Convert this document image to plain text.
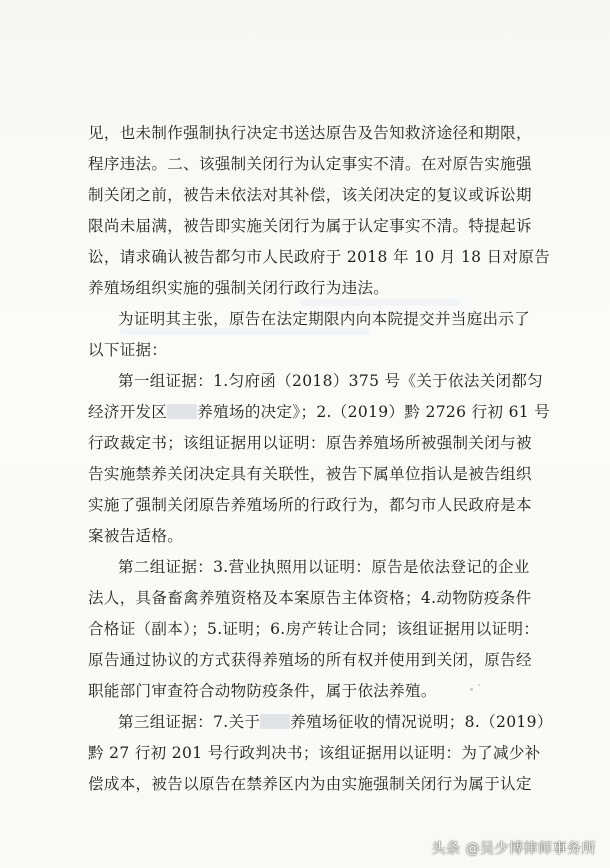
见，也未制作强制执行决定书送达原告及告知救济途径和期限，
程序违法。二、该强制关闭行为认定事实不清。在对原告实施强
制关闭之前，被告未依法对其补偿，该关闭决定的复议或诉讼期
限尚未届满，被告即实施关闭行为属于认定事实不清。特提起诉
讼，请求确认被告都匀市人民政府于 2018 年 10 月 18 日对原告
养殖场组织实施的强制关闭行政行为违法。
为证明其主张，原告在法定期限内向本院提交并当庭出示了
以下证据：
第一组证据：1.匀府函（2018）375 号《关于依法关闭都匀
经济开发区 养殖场的决定》；2.（2019）黔 2726 行初 61 号
行政裁定书；该组证据用以证明：原告养殖场所被强制关闭与被
告实施禁养关闭决定具有关联性，被告下属单位指认是被告组织
实施了强制关闭原告养殖场所的行政行为，都匀市人民政府是本
案被告适格。
第二组证据：3.营业执照用以证明：原告是依法登记的企业
法人，具备畜禽养殖资格及本案原告主体资格；4.动物防疫条件
合格证（副本）；5.证明；6.房产转让合同；该组证据用以证明：
原告通过协议的方式获得养殖场的所有权并使用到关闭，原告经
职能部门审查符合动物防疫条件，属于依法养殖。
第三组证据：7.关于 养殖场征收的情况说明；8.（2019）
黔 27 行初 201 号行政判决书；该组证据用以证明：为了减少补
偿成本，被告以原告在禁养区内为由实施强制关闭行为属于认定
头条 @吴少博律师事务所
